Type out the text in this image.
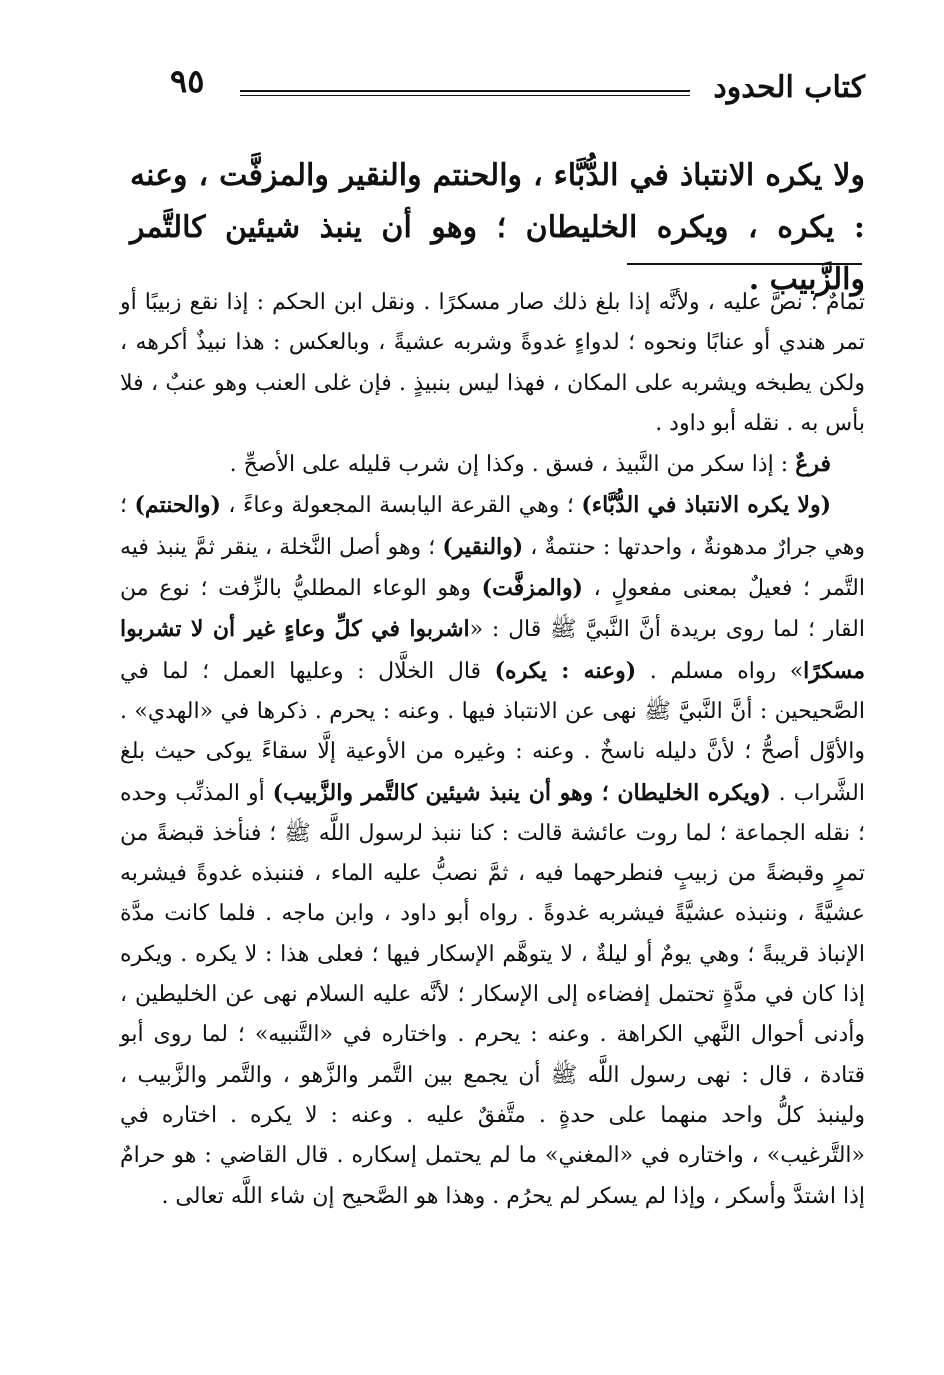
كتاب الحدود
٩٥
ولا يكره الانتباذ في الدُّبَّاء ، والحنتم والنقير والمزفَّت ، وعنه : يكره ، ويكره الخليطان ؛ وهو أن ينبذ شيئين كالتَّمر والزَّبيب .

تمامٌ ؛ نصَّ عليه ، ولأنَّه إذا بلغ ذلك صار مسكرًا . ونقل ابن الحكم : إذا نقع زبيبًا أو تمر هندي أو عنابًا ونحوه ؛ لدواءٍ غدوةً وشربه عشيةً ، وبالعكس : هذا نبيذٌ أكرهه ، ولكن يطبخه ويشربه على المكان ، فهذا ليس بنبيذٍ . فإن غلى العنب وهو عنبٌ ، فلا بأس به . نقله أبو داود .

فرعٌ : إذا سكر من النَّبيذ ، فسق . وكذا إن شرب قليله على الأصحِّ .

(ولا يكره الانتباذ في الدُّبَّاء) ؛ وهي القرعة اليابسة المجعولة وعاءً ، (والحنتم) ؛ وهي جرارٌ مدهونةٌ ، واحدتها : حنتمةٌ ، (والنقير) ؛ وهو أصل النَّخلة ، ينقر ثمَّ ينبذ فيه التَّمر ؛ فعيلٌ بمعنى مفعولٍ ، (والمزفَّت) وهو الوعاء المطليُّ بالزِّفت ؛ نوع من القار ؛ لما روى بريدة أنَّ النَّبيَّ ﷺ قال : «اشربوا في كلِّ وعاءٍ غير أن لا تشربوا مسكرًا» رواه مسلم . (وعنه : يكره) قال الخلَّال : وعليها العمل ؛ لما في الصَّحيحين : أنَّ النَّبيَّ ﷺ نهى عن الانتباذ فيها . وعنه : يحرم . ذكرها في «الهدي» . والأوَّل أصحُّ ؛ لأنَّ دليله ناسخٌ . وعنه : وغيره من الأوعية إلَّا سقاءً يوكى حيث بلغ الشَّراب . (ويكره الخليطان ؛ وهو أن ينبذ شيئين كالتَّمر والزَّبيب) أو المذنِّب وحده ؛ نقله الجماعة ؛ لما روت عائشة قالت : كنا ننبذ لرسول اللَّه ﷺ ؛ فنأخذ قبضةً من تمرٍ وقبضةً من زبيبٍ فنطرحهما فيه ، ثمَّ نصبُّ عليه الماء ، فننبذه غدوةً فيشربه عشيَّةً ، وننبذه عشيَّةً فيشربه غدوةً . رواه أبو داود ، وابن ماجه . فلما كانت مدَّة الإنباذ قريبةً ؛ وهي يومٌ أو ليلةٌ ، لا يتوهَّم الإسكار فيها ؛ فعلى هذا : لا يكره . ويكره إذا كان في مدَّةٍ تحتمل إفضاءه إلى الإسكار ؛ لأنَّه عليه السلام نهى عن الخليطين ، وأدنى أحوال النَّهي الكراهة . وعنه : يحرم . واختاره في «التَّنبيه» ؛ لما روى أبو قتادة ، قال : نهى رسول اللَّه ﷺ أن يجمع بين التَّمر والزَّهو ، والتَّمر والزَّبيب ، ولينبذ كلُّ واحد منهما على حدةٍ . متَّفقٌ عليه . وعنه : لا يكره . اختاره في «التَّرغيب» ، واختاره في «المغني» ما لم يحتمل إسكاره . قال القاضي : هو حرامٌ إذا اشتدَّ وأسكر ، وإذا لم يسكر لم يحرُم . وهذا هو الصَّحيح إن شاء اللَّه تعالى .
